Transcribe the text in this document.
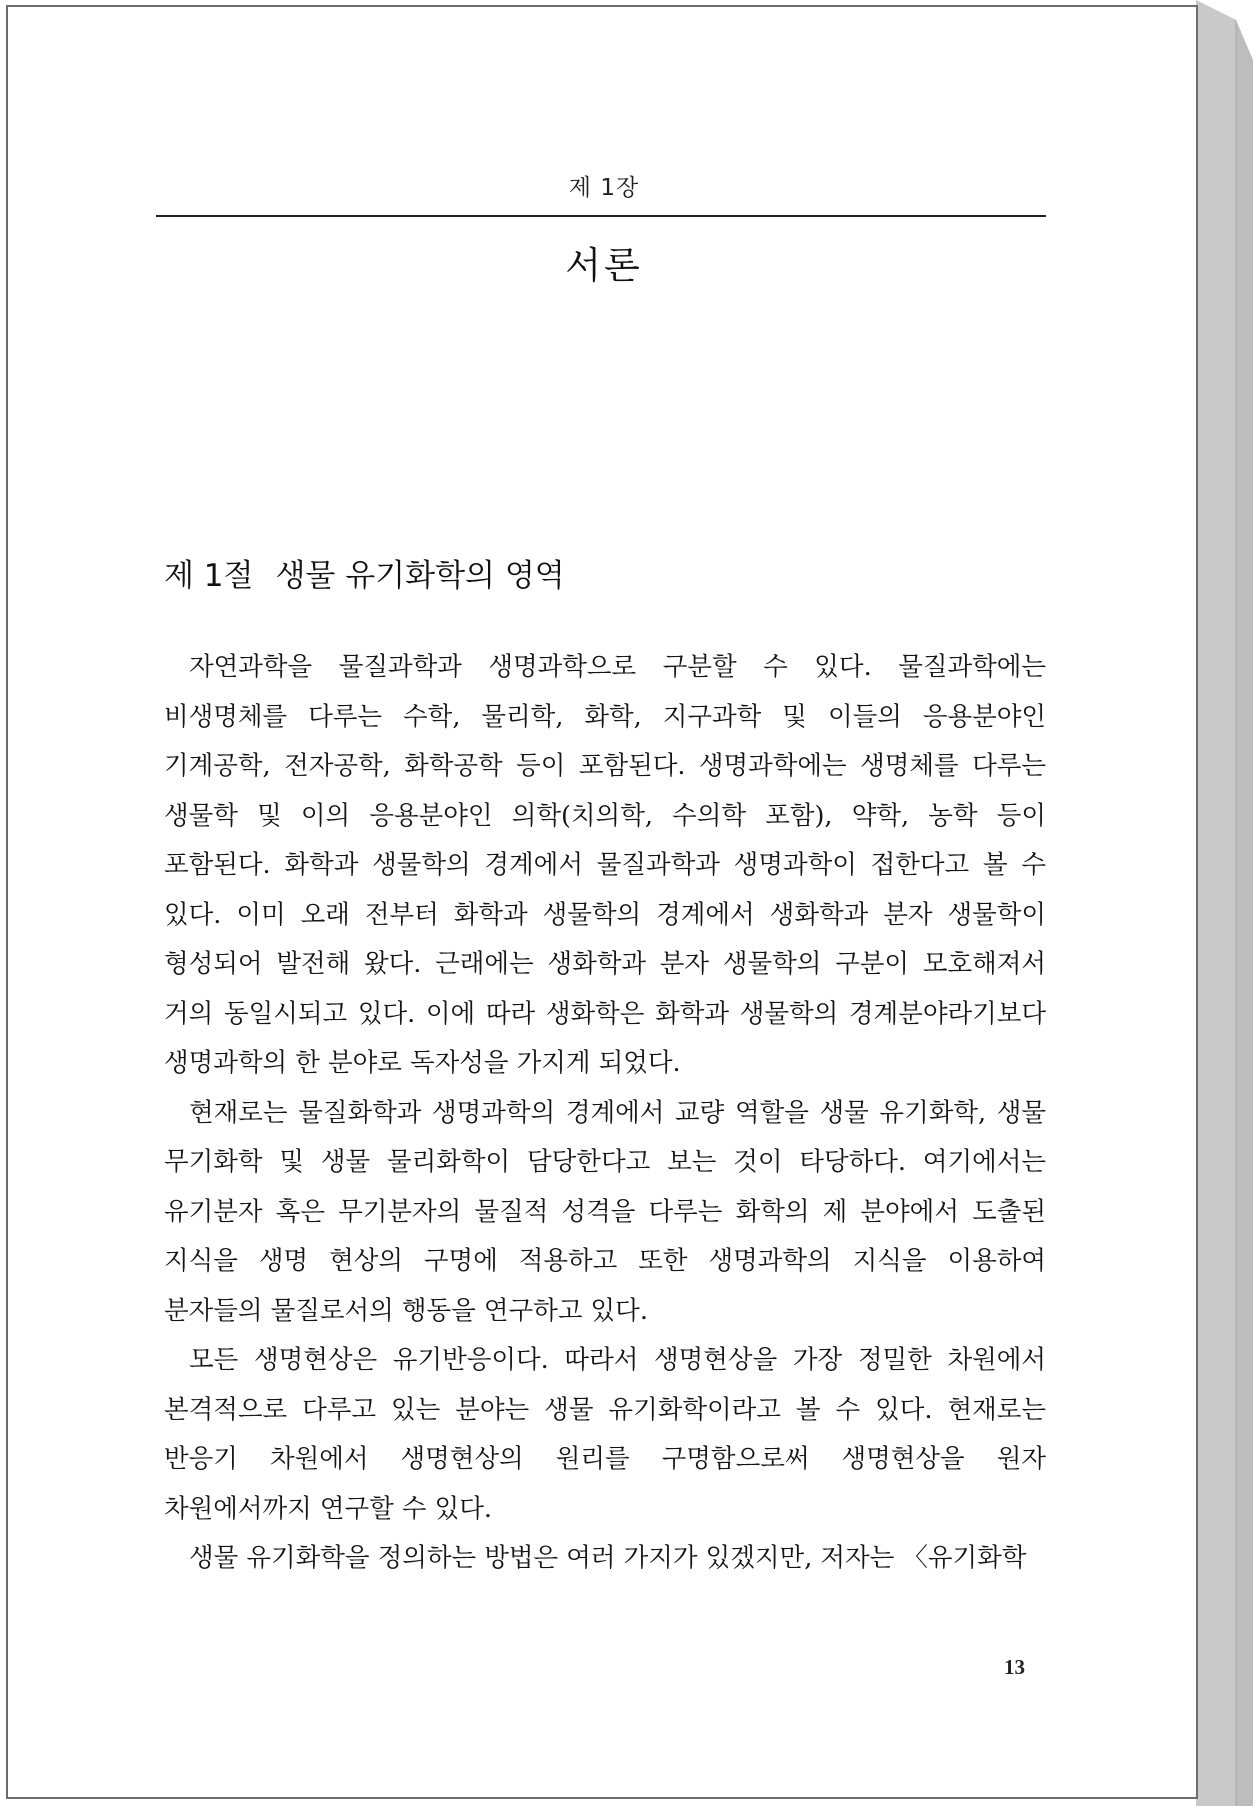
제 1장
서론
제 1절 생물 유기화학의 영역

자연과학을 물질과학과 생명과학으로 구분할 수 있다. 물질과학에는 비생명체를 다루는 수학, 물리학, 화학, 지구과학 및 이들의 응용분야인 기계공학, 전자공학, 화학공학 등이 포함된다. 생명과학에는 생명체를 다루는 생물학 및 이의 응용분야인 의학(치의학, 수의학 포함), 약학, 농학 등이 포함된다. 화학과 생물학의 경계에서 물질과학과 생명과학이 접한다고 볼 수 있다. 이미 오래 전부터 화학과 생물학의 경계에서 생화학과 분자 생물학이 형성되어 발전해 왔다. 근래에는 생화학과 분자 생물학의 구분이 모호해져서 거의 동일시되고 있다. 이에 따라 생화학은 화학과 생물학의 경계분야라기보다 생명과학의 한 분야로 독자성을 가지게 되었다.

현재로는 물질화학과 생명과학의 경계에서 교량 역할을 생물 유기화학, 생물 무기화학 및 생물 물리화학이 담당한다고 보는 것이 타당하다. 여기에서는 유기분자 혹은 무기분자의 물질적 성격을 다루는 화학의 제 분야에서 도출된 지식을 생명 현상의 구명에 적용하고 또한 생명과학의 지식을 이용하여 분자들의 물질로서의 행동을 연구하고 있다.

모든 생명현상은 유기반응이다. 따라서 생명현상을 가장 정밀한 차원에서 본격적으로 다루고 있는 분야는 생물 유기화학이라고 볼 수 있다. 현재로는 반응기 차원에서 생명현상의 원리를 구명함으로써 생명현상을 원자 차원에서까지 연구할 수 있다.

생물 유기화학을 정의하는 방법은 여러 가지가 있겠지만, 저자는 〈유기화학

13
